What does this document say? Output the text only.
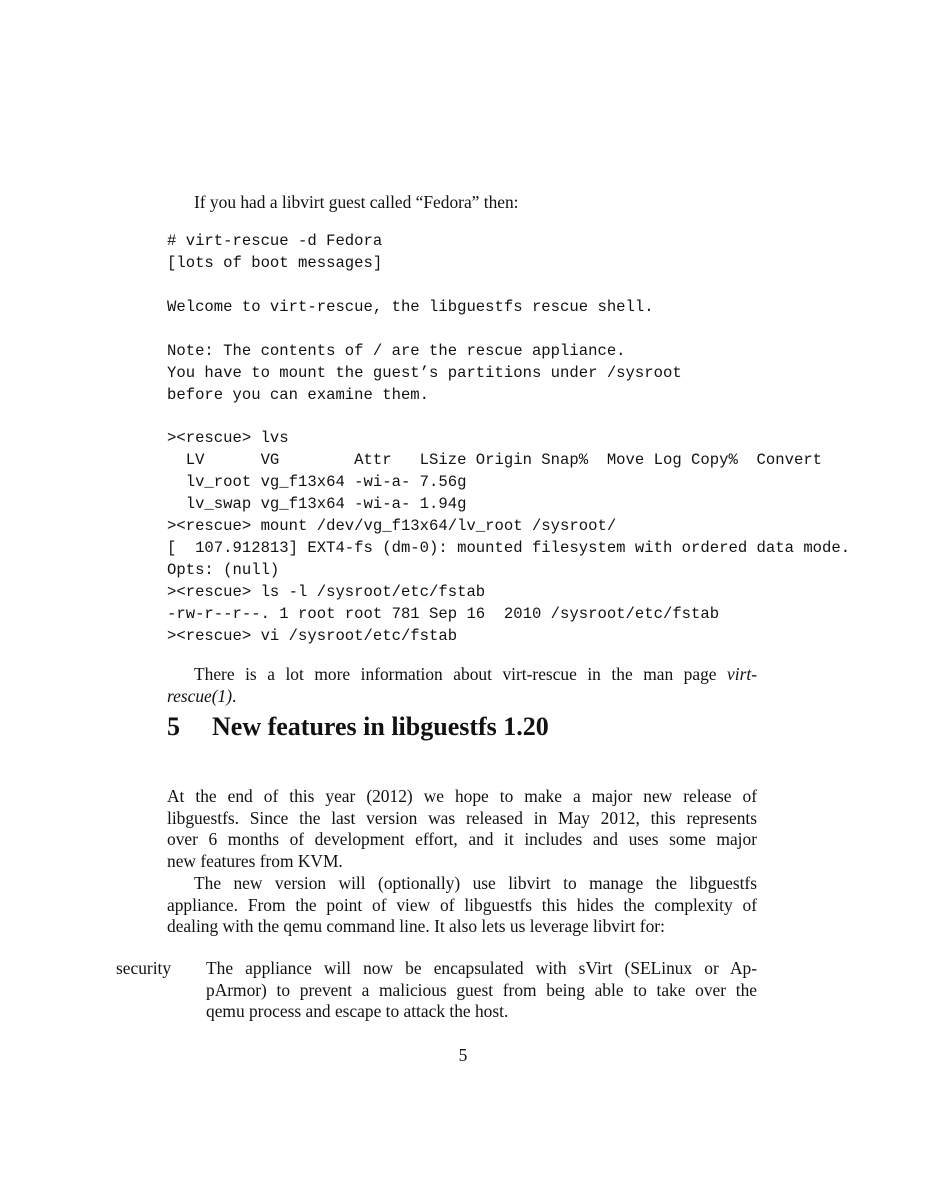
If you had a libvirt guest called “Fedora” then:
# virt-rescue -d Fedora
[lots of boot messages]
Welcome to virt-rescue, the libguestfs rescue shell.
Note: The contents of / are the rescue appliance.
You have to mount the guest’s partitions under /sysroot
before you can examine them.
><rescue> lvs
LV      VG        Attr   LSize Origin Snap%  Move Log Copy%  Convert
lv_root vg_f13x64 -wi-a- 7.56g
lv_swap vg_f13x64 -wi-a- 1.94g
><rescue> mount /dev/vg_f13x64/lv_root /sysroot/
[  107.912813] EXT4-fs (dm-0): mounted filesystem with ordered data mode.
Opts: (null)
><rescue> ls -l /sysroot/etc/fstab
-rw-r--r--. 1 root root 781 Sep 16  2010 /sysroot/etc/fstab
><rescue> vi /sysroot/etc/fstab
There is a lot more information about virt-rescue in the man page virt-
rescue(1).
5 New features in libguestfs 1.20
At the end of this year (2012) we hope to make a major new release of
libguestfs. Since the last version was released in May 2012, this represents
over 6 months of development effort, and it includes and uses some major
new features from KVM.
The new version will (optionally) use libvirt to manage the libguestfs
appliance. From the point of view of libguestfs this hides the complexity of
dealing with the qemu command line. It also lets us leverage libvirt for:
security The appliance will now be encapsulated with sVirt (SELinux or Ap-
pArmor) to prevent a malicious guest from being able to take over the
qemu process and escape to attack the host.
5
